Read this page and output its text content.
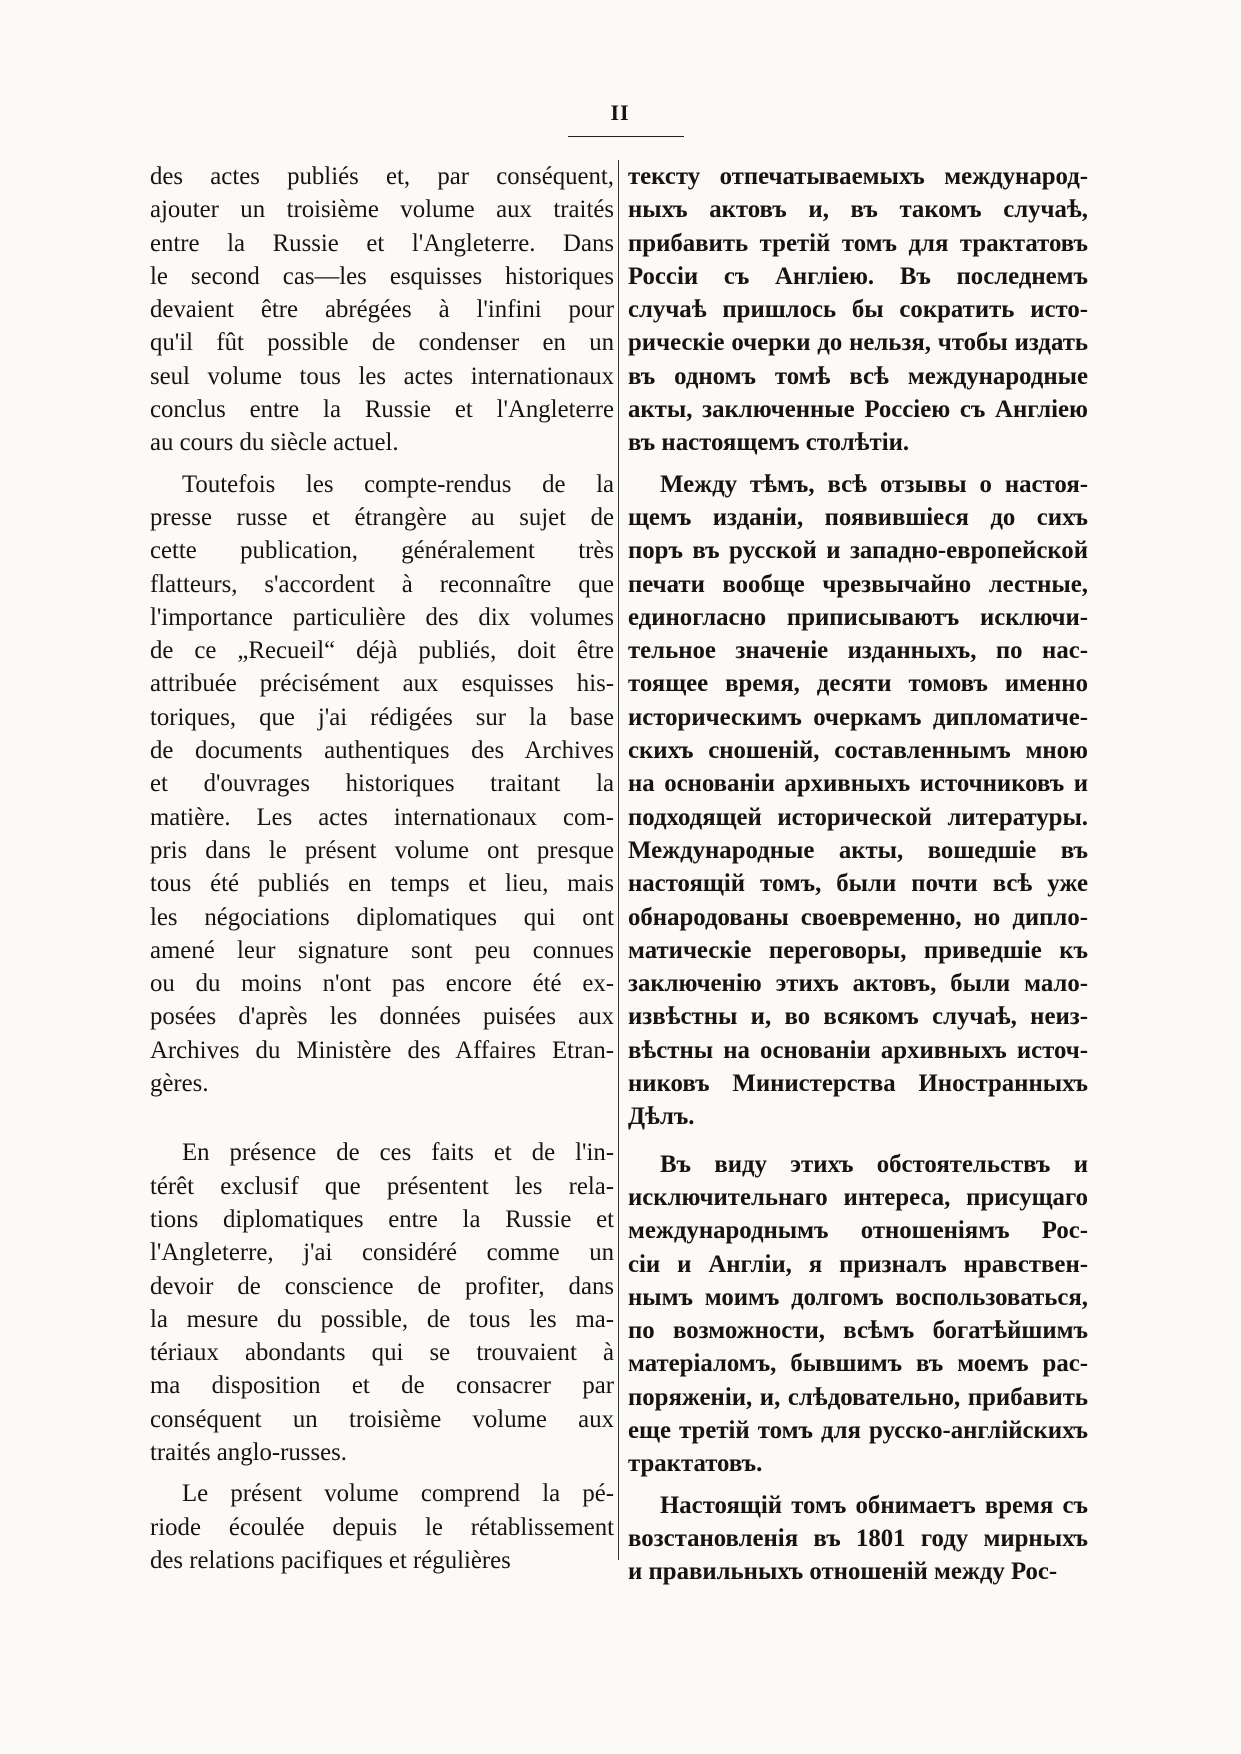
II
des actes publiés et, par conséquent,
ajouter un troisième volume aux traités
entre la Russie et l'Angleterre. Dans
le second cas—les esquisses historiques
devaient être abrégées à l'infini pour
qu'il fût possible de condenser en un
seul volume tous les actes internationaux
conclus entre la Russie et l'Angleterre
au cours du siècle actuel.
Toutefois les compte-rendus de la
presse russe et étrangère au sujet de
cette publication, généralement très
flatteurs, s'accordent à reconnaître que
l'importance particulière des dix volumes
de ce „Recueil“ déjà publiés, doit être
attribuée précisément aux esquisses his-
toriques, que j'ai rédigées sur la base
de documents authentiques des Archives
et d'ouvrages historiques traitant la
matière. Les actes internationaux com-
pris dans le présent volume ont presque
tous été publiés en temps et lieu, mais
les négociations diplomatiques qui ont
amené leur signature sont peu connues
ou du moins n'ont pas encore été ex-
posées d'après les données puisées aux
Archives du Ministère des Affaires Etran-
gères.
En présence de ces faits et de l'in-
térêt exclusif que présentent les rela-
tions diplomatiques entre la Russie et
l'Angleterre, j'ai considéré comme un
devoir de conscience de profiter, dans
la mesure du possible, de tous les ma-
tériaux abondants qui se trouvaient à
ma disposition et de consacrer par
conséquent un troisième volume aux
traités anglo-russes.
Le présent volume comprend la pé-
riode écoulée depuis le rétablissement
des relations pacifiques et régulières
тексту отпечатываемыхъ международ-
ныхъ актовъ и, въ такомъ случаѣ,
прибавить третій томъ для трактатовъ
Россіи съ Англіею. Въ последнемъ
случаѣ пришлось бы сократить исто-
рическіе очерки до нельзя, чтобы издать
въ одномъ томѣ всѣ международные
акты, заключенные Россіею съ Англіею
въ настоящемъ столѣтіи.
Между тѣмъ, всѣ отзывы о настоя-
щемъ изданіи, появившіеся до сихъ
поръ въ русской и западно-европейской
печати вообще чрезвычайно лестные,
единогласно приписываютъ исключи-
тельное значеніе изданныхъ, по нас-
тоящее время, десяти томовъ именно
историческимъ очеркамъ дипломатиче-
скихъ сношеній, составленнымъ мною
на основаніи архивныхъ источниковъ и
подходящей исторической литературы.
Международные акты, вошедшіе въ
настоящій томъ, были почти всѣ уже
обнародованы своевременно, но дипло-
матическіе переговоры, приведшіе къ
заключенію этихъ актовъ, были мало-
извѣстны и, во всякомъ случаѣ, неиз-
вѣстны на основаніи архивныхъ источ-
никовъ Министерства Иностранныхъ
Дѣлъ.
Въ виду этихъ обстоятельствъ и
исключительнаго интереса, присущаго
международнымъ отношеніямъ Рос-
сіи и Англіи, я призналъ нравствен-
нымъ моимъ долгомъ воспользоваться,
по возможности, всѣмъ богатѣйшимъ
матеріаломъ, бывшимъ въ моемъ рас-
поряженіи, и, слѣдовательно, прибавить
еще третій томъ для русско-англійскихъ
трактатовъ.
Настоящій томъ обнимаетъ время съ
возстановленія въ 1801 году мирныхъ
и правильныхъ отношеній между Рос-
